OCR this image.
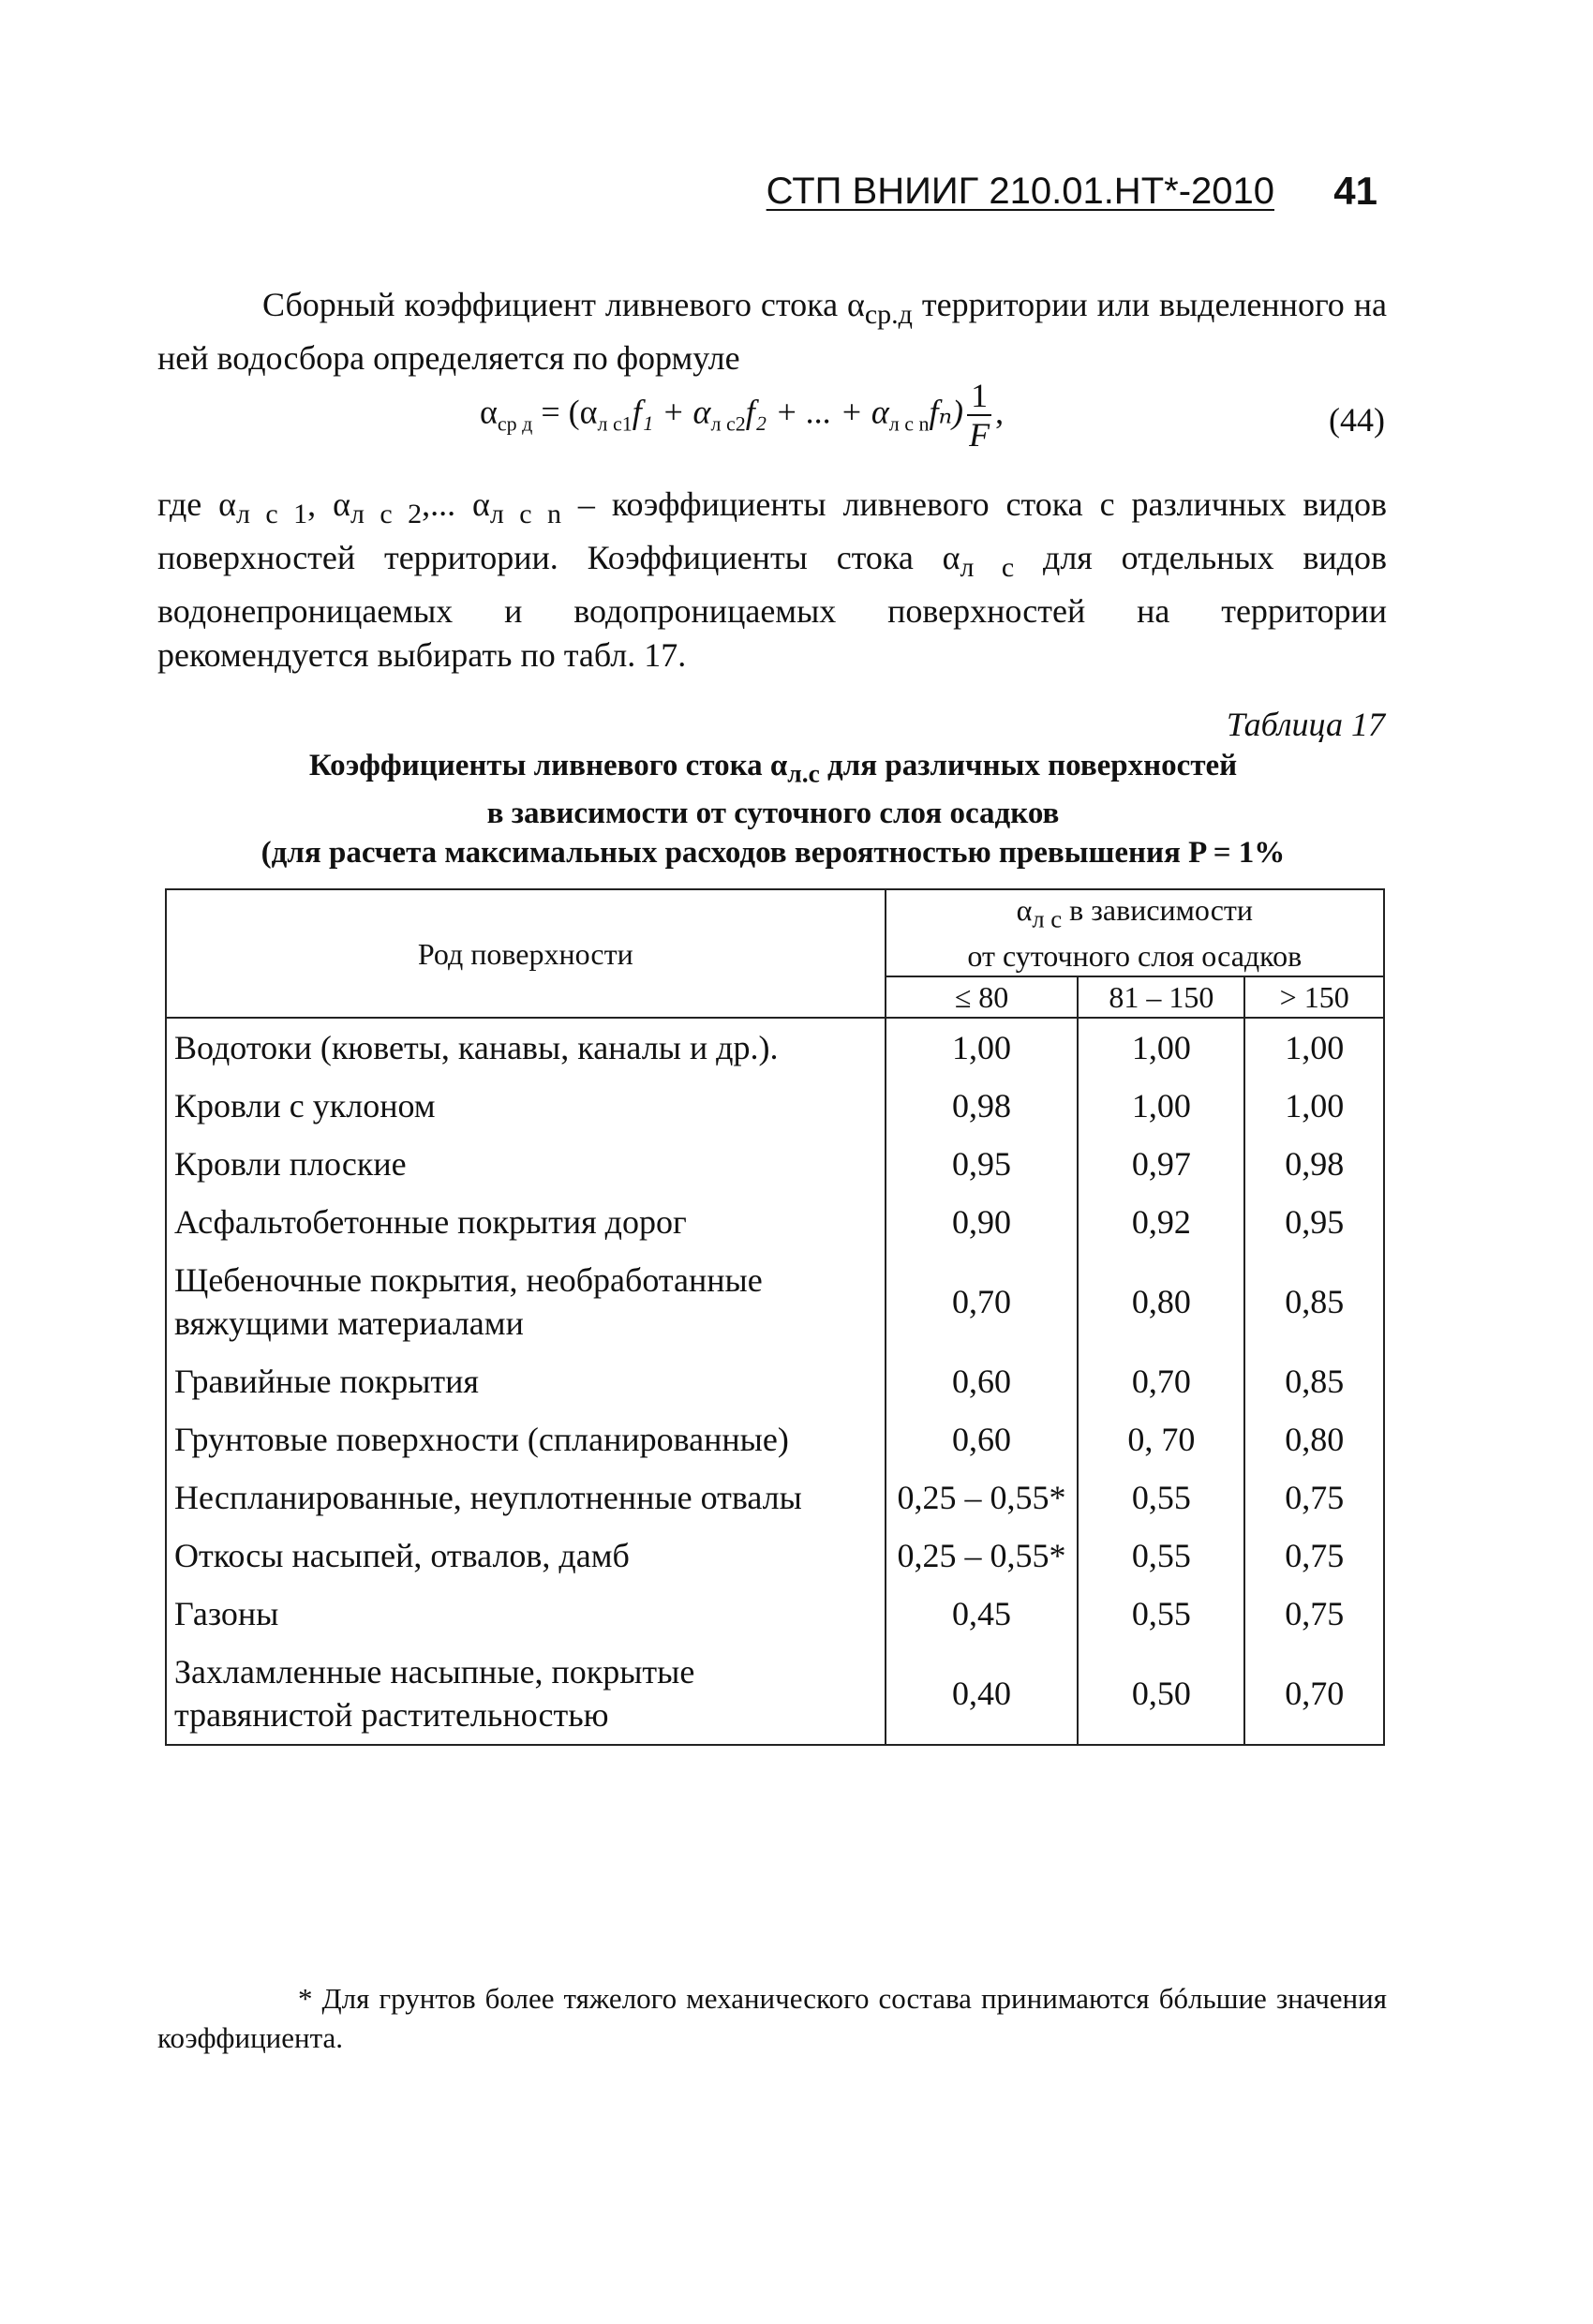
СТП ВНИИГ 210.01.НТ*-2010 41
Сборный коэффициент ливневого стока $\alpha_{ср.д}$ территории или выделенного на ней водосбора определяется по формуле
$\alpha_{ср д} = (\alpha_{л с1}f_1 + \alpha_{л с2}f_2$ + ... + $\alpha_{л с n}f_n) \frac{1}{F}$ ,	(44)
где $\alpha_{л с 1}$, $\alpha_{л с 2}$,... $\alpha_{л с n}$ – коэффициенты ливневого стока с различных видов поверхностей территории. Коэффициенты стока $\alpha_{л с}$ для отдельных видов водонепроницаемых и водопроницаемых поверхностей на территории рекомендуется выбирать по табл. 17.
Таблица 17
Коэффициенты ливневого стока $\alpha_{л.с}$ для различных поверхностей
в зависимости от суточного слоя осадков
(для расчета максимальных расходов вероятностью превышения P = 1%
Род поверхности	$\alpha_{л с}$ в зависимости
от суточного слоя осадков		
	≤ 80	81 – 150	> 150
Водотоки (кюветы, канавы, каналы и др.).	1,00	1,00	1,00
Кровли с уклоном	0,98	1,00	1,00
Кровли плоские	0,95	0,97	0,98
Асфальтобетонные покрытия дорог	0,90	0,92	0,95
Щебеночные покрытия, необработанные вяжущими материалами	0,70	0,80	0,85
Гравийные покрытия	0,60	0,70	0,85
Грунтовые поверхности (спланированные)	0,60	0, 70	0,80
Неспланированные, неуплотненные отвалы	0,25 – 0,55*	0,55	0,75
Откосы насыпей, отвалов, дамб	0,25 – 0,55*	0,55	0,75
Газоны	0,45	0,55	0,75
Захламленные насыпные, покрытые травянистой растительностью	0,40	0,50	0,70
* Для грунтов более тяжелого механического состава принимаются бóльшие значения коэффициента.
